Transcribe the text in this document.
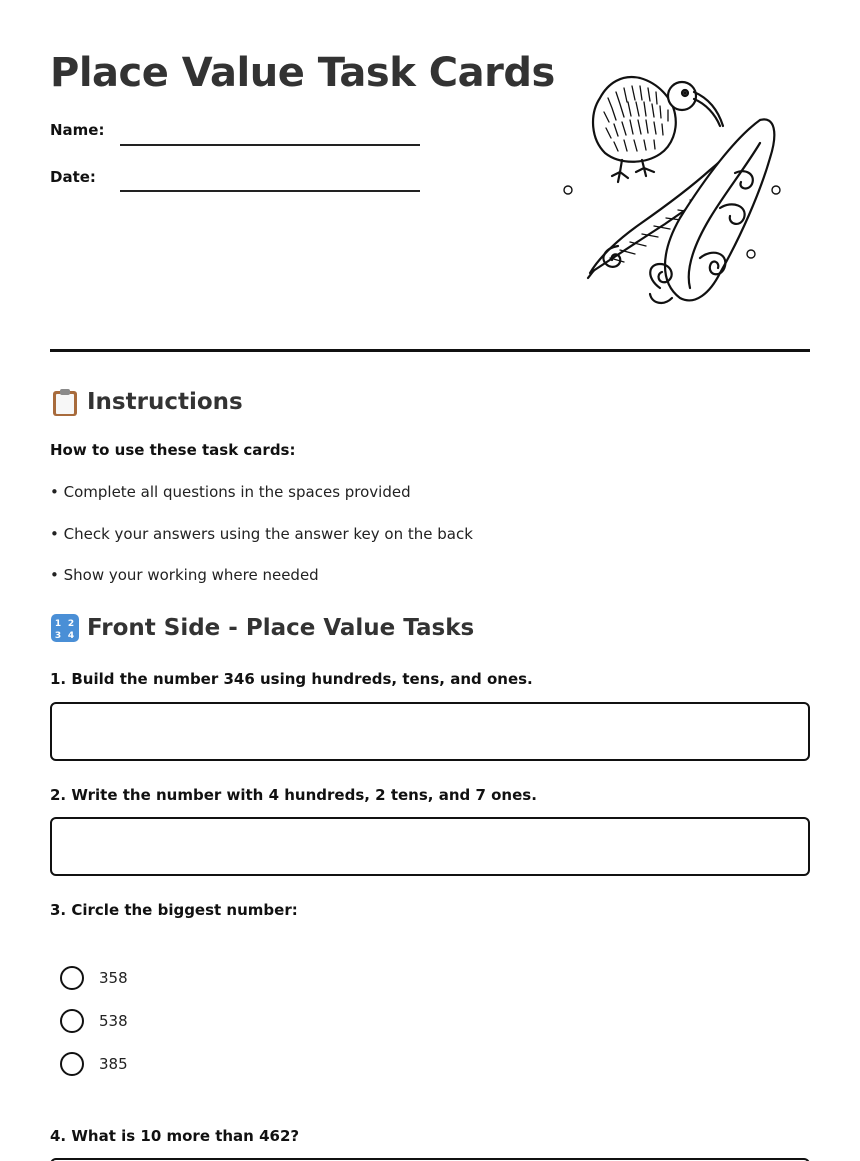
Place Value Task Cards
Name:
Date:
Instructions
How to use these task cards:
• Complete all questions in the spaces provided
• Check your answers using the answer key on the back
• Show your working where needed
1 2
3 4 Front Side - Place Value Tasks
1. Build the number 346 using hundreds, tens, and ones.
2. Write the number with 4 hundreds, 2 tens, and 7 ones.
3. Circle the biggest number:
358
538
385
4. What is 10 more than 462?
